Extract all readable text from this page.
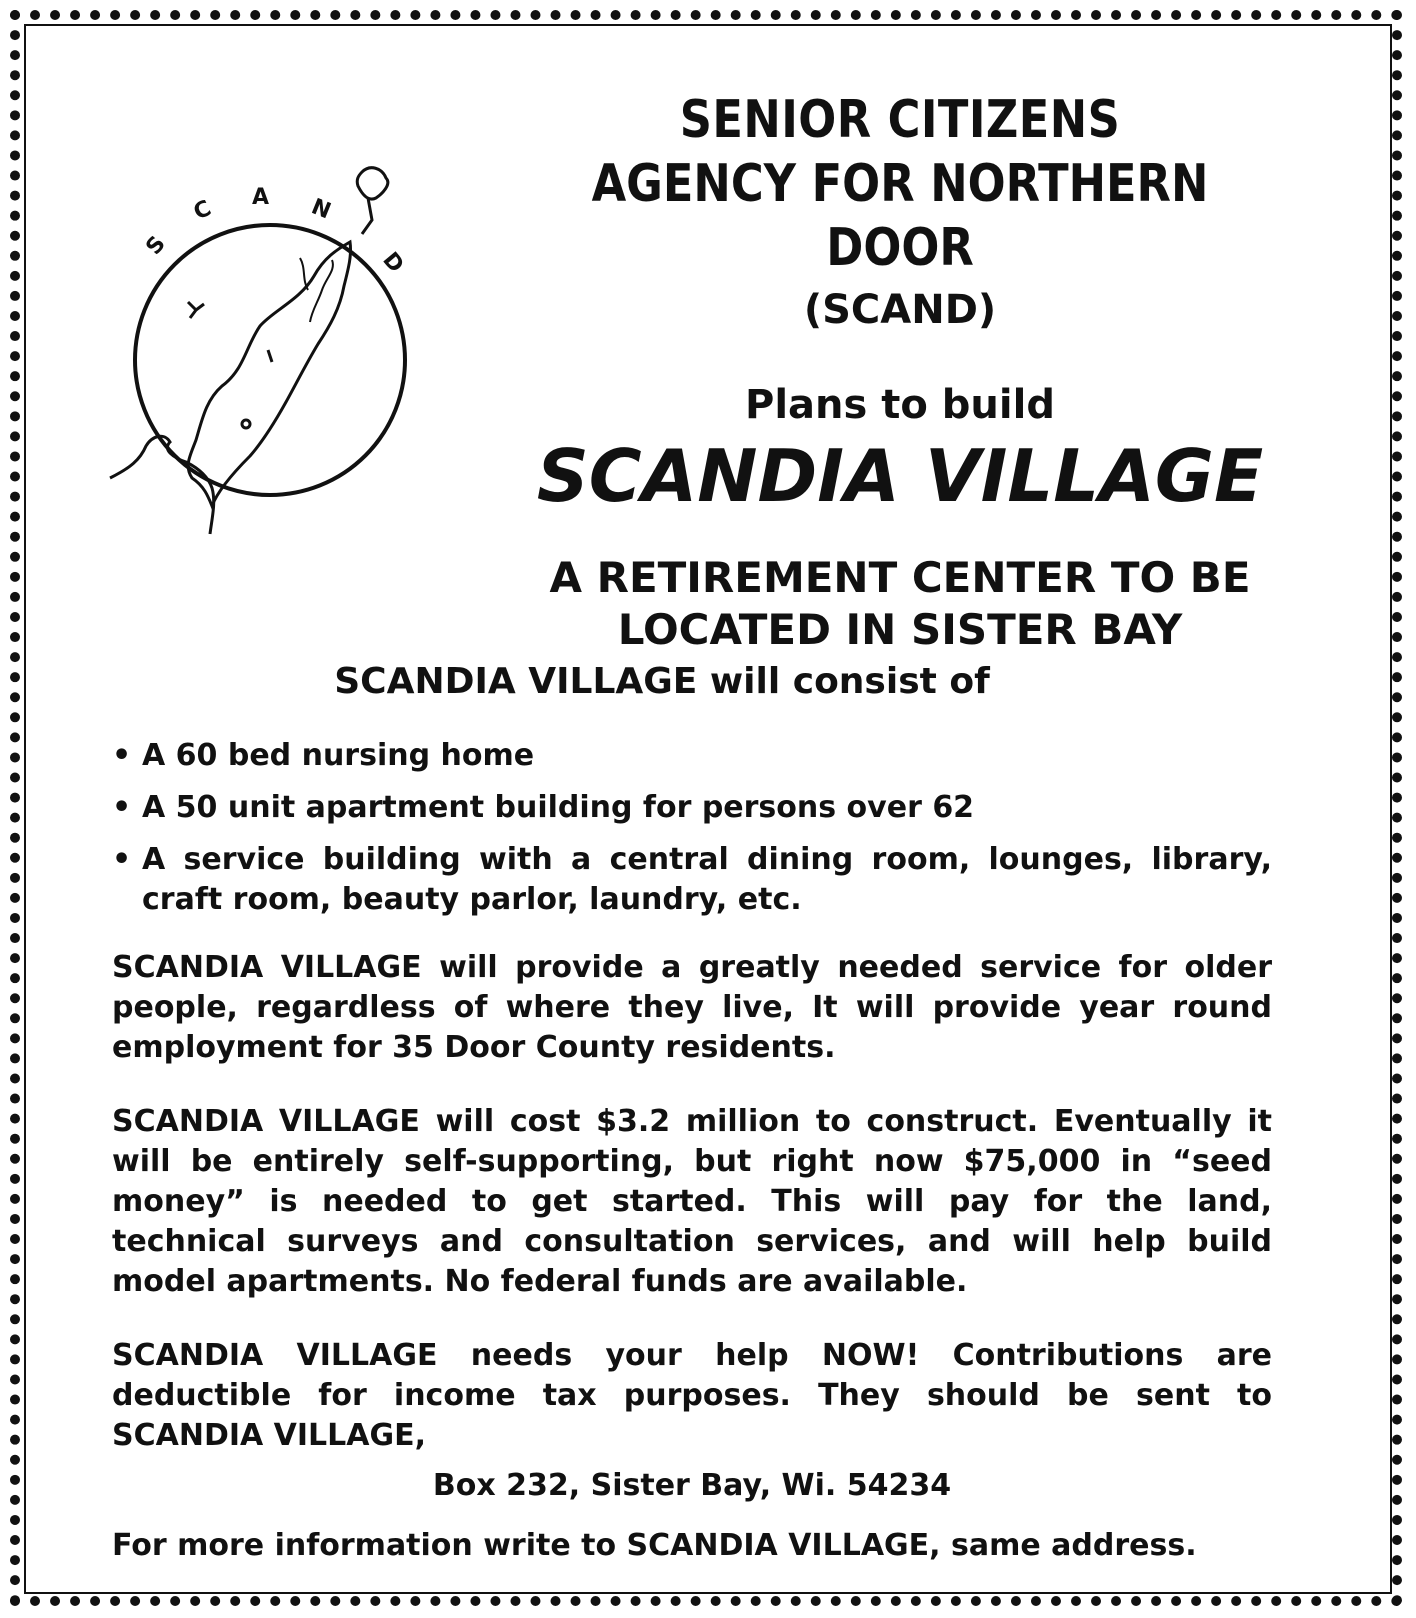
S
C A N
D
SENIOR CITIZENS
AGENCY FOR NORTHERN DOOR
(SCAND)
Plans to build
SCANDIA VILLAGE
A RETIREMENT CENTER TO BE
LOCATED IN SISTER BAY
SCANDIA VILLAGE will consist of
• A 60 bed nursing home
• A 50 unit apartment building for persons over 62
• A service building with a central dining room, lounges, library, craft room, beauty parlor, laundry, etc.
SCANDIA VILLAGE will provide a greatly needed service for older people, regardless of where they live, It will provide year round employment for 35 Door County residents.
SCANDIA VILLAGE will cost $3.2 million to construct. Eventually it will be entirely self-supporting, but right now $75,000 in “seed money” is needed to get started. This will pay for the land, technical surveys and consultation services, and will help build model apartments. No federal funds are available.
SCANDIA VILLAGE needs your help NOW! Contributions are deductible for income tax purposes. They should be sent to SCANDIA VILLAGE,
Box 232, Sister Bay, Wi. 54234
For more information write to SCANDIA VILLAGE, same address.
